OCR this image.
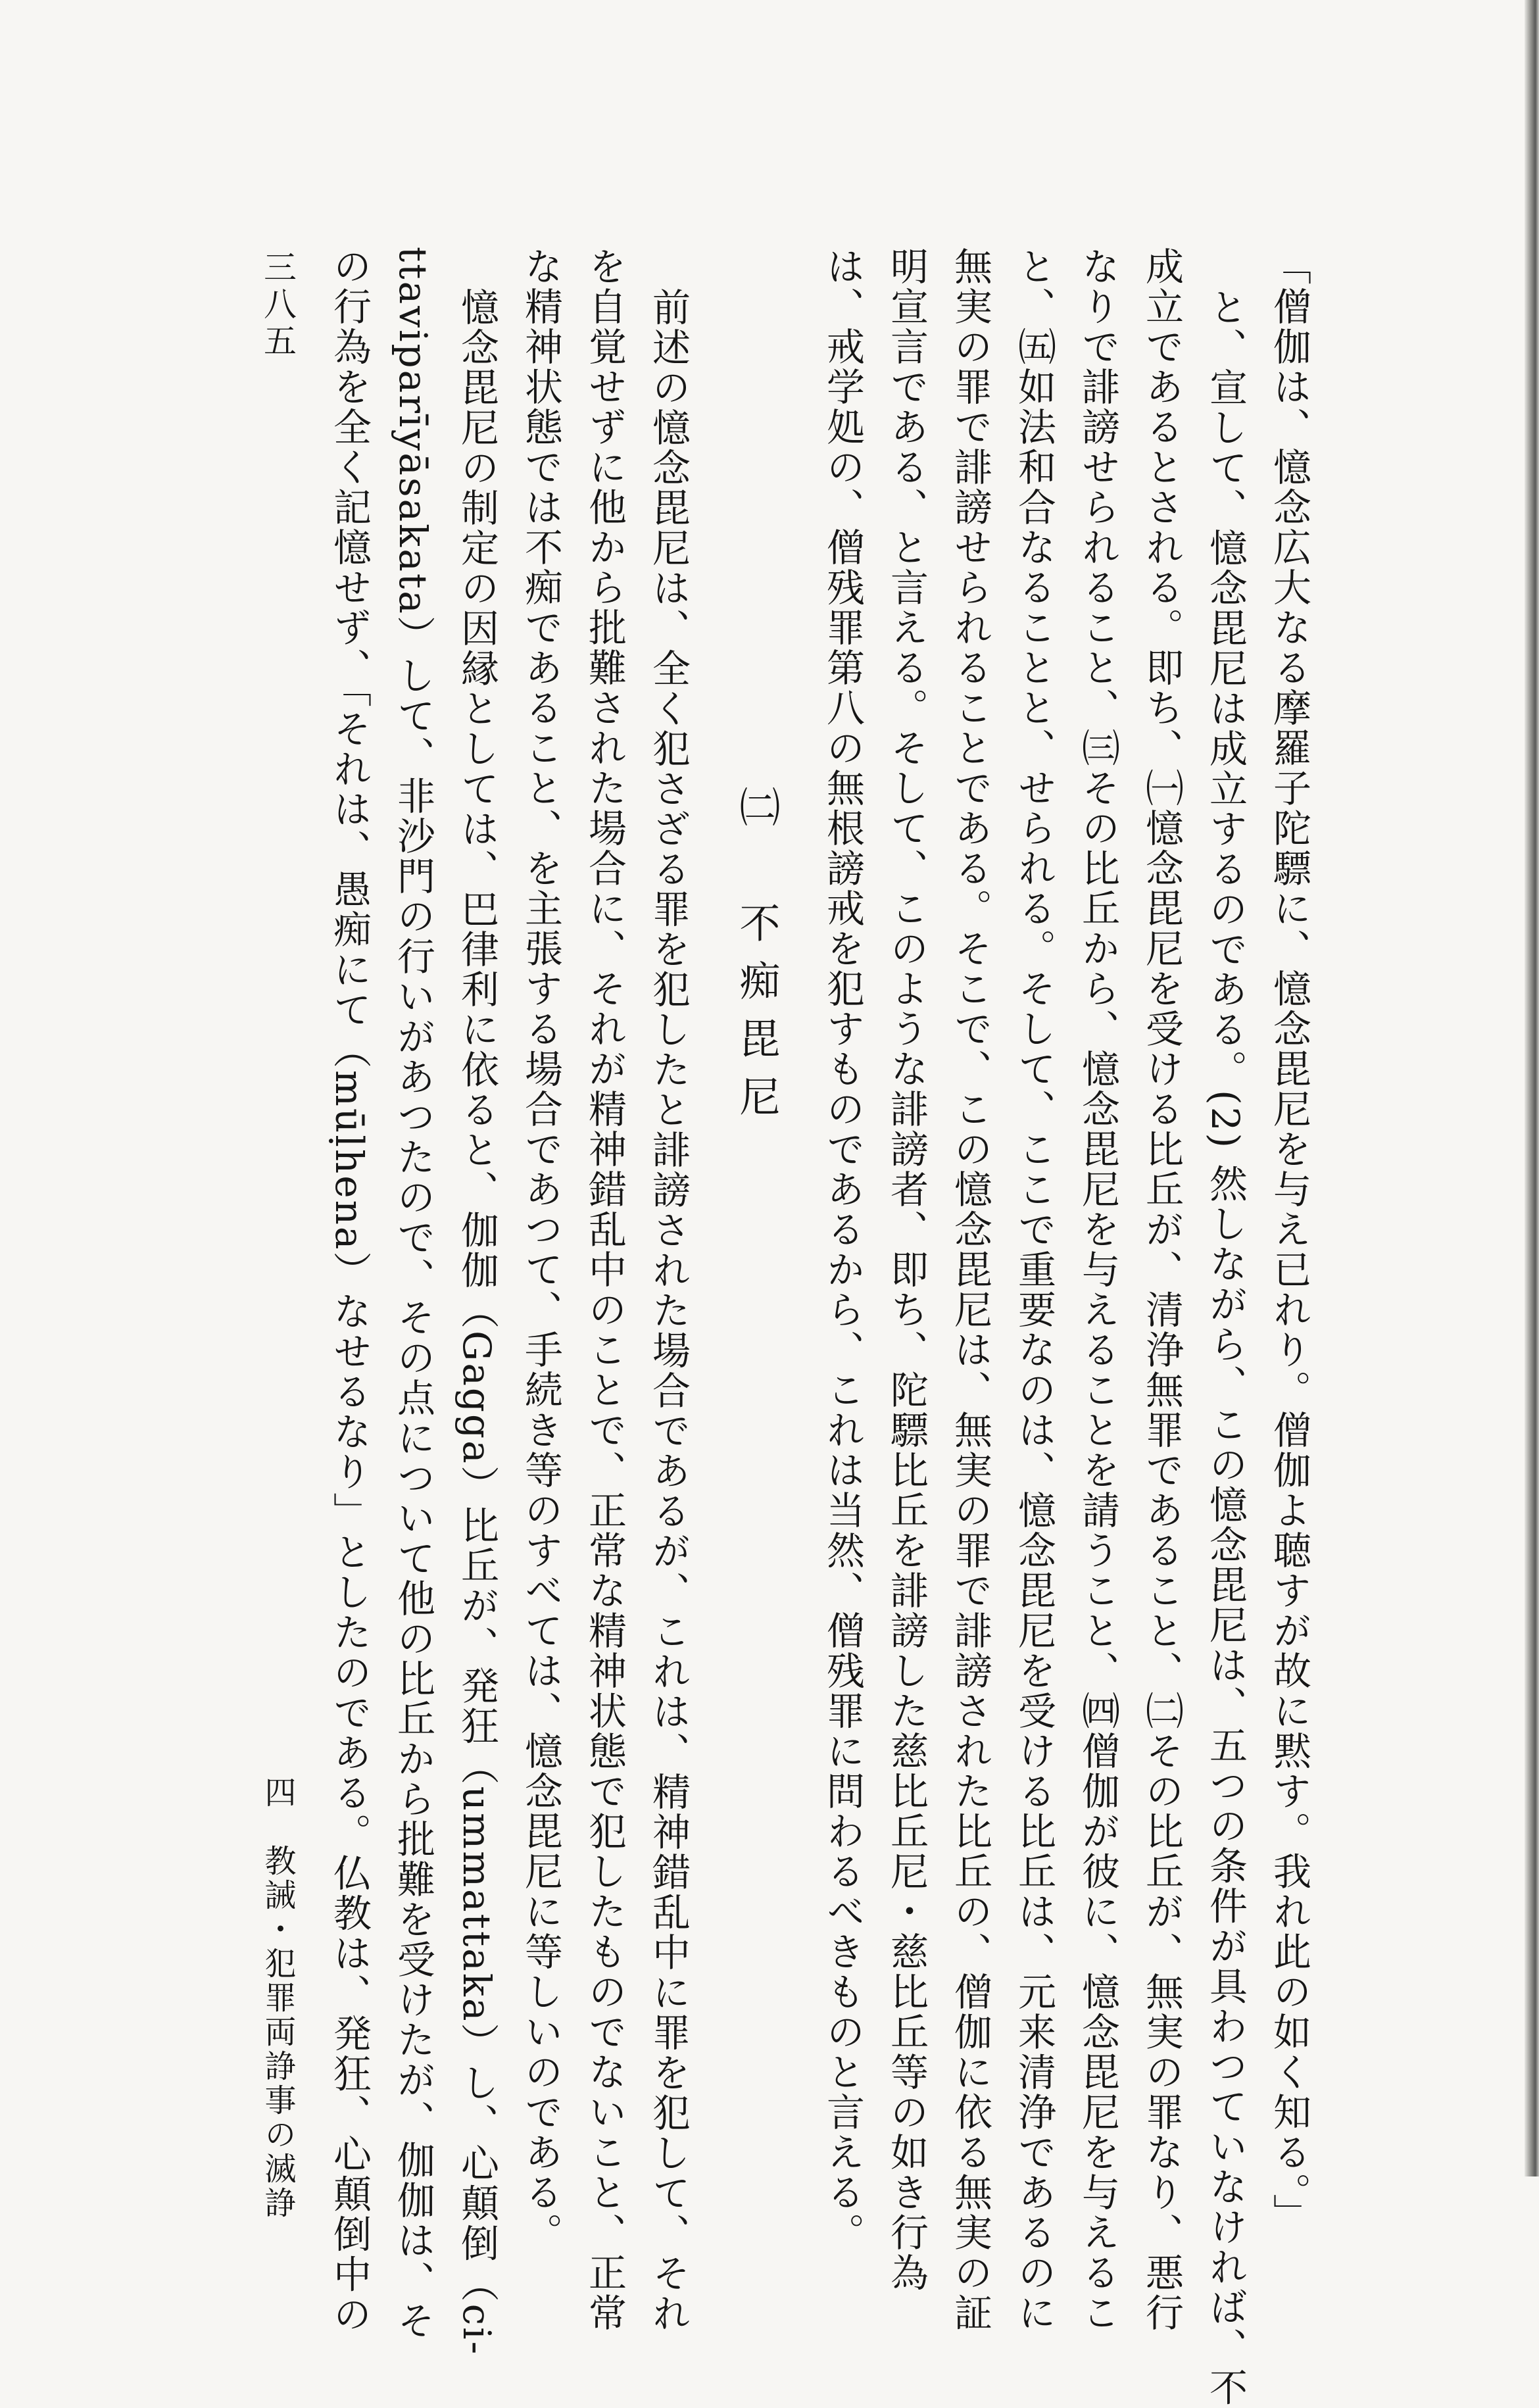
「僧伽は、憶念広大なる摩羅子陀驃に、憶念毘尼を与え已れり。僧伽よ聴すが故に黙す。我れ此の如く知る。」
と、宣して、憶念毘尼は成立するのである。(2) 然しながら、この憶念毘尼は、五つの条件が具わつていなければ、不
成立であるとされる。即ち、㈠憶念毘尼を受ける比丘が、清浄無罪であること、㈡その比丘が、無実の罪なり、悪行
なりで誹謗せられること、㈢その比丘から、憶念毘尼を与えることを請うこと、㈣僧伽が彼に、憶念毘尼を与えるこ
と、㈤如法和合なることと、せられる。そして、ここで重要なのは、憶念毘尼を受ける比丘は、元来清浄であるのに
無実の罪で誹謗せられることである。そこで、この憶念毘尼は、無実の罪で誹謗された比丘の、僧伽に依る無実の証
明宣言である、と言える。そして、このような誹謗者、即ち、陀驃比丘を誹謗した慈比丘尼・慈比丘等の如き行為
は、戒学処の、僧残罪第八の無根謗戒を犯すものであるから、これは当然、僧残罪に問わるべきものと言える。
㈡　不痴毘尼
前述の憶念毘尼は、全く犯さざる罪を犯したと誹謗された場合であるが、これは、精神錯乱中に罪を犯して、それ
を自覚せずに他から批難された場合に、それが精神錯乱中のことで、正常な精神状態で犯したものでないこと、正常
な精神状態では不痴であること、を主張する場合であつて、手続き等のすべては、憶念毘尼に等しいのである。
憶念毘尼の制定の因縁としては、巴律利に依ると、伽伽（Gagga）比丘が、発狂（ummattaka）し、心顛倒（ci-
ttaviparīyāsakata）して、非沙門の行いがあつたので、その点について他の比丘から批難を受けたが、伽伽は、そ
の行為を全く記憶せず、「それは、愚痴にて（mūḷhena）なせるなり」としたのである。仏教は、発狂、心顛倒中の
三八五
四　教誡・犯罪両諍事の滅諍
